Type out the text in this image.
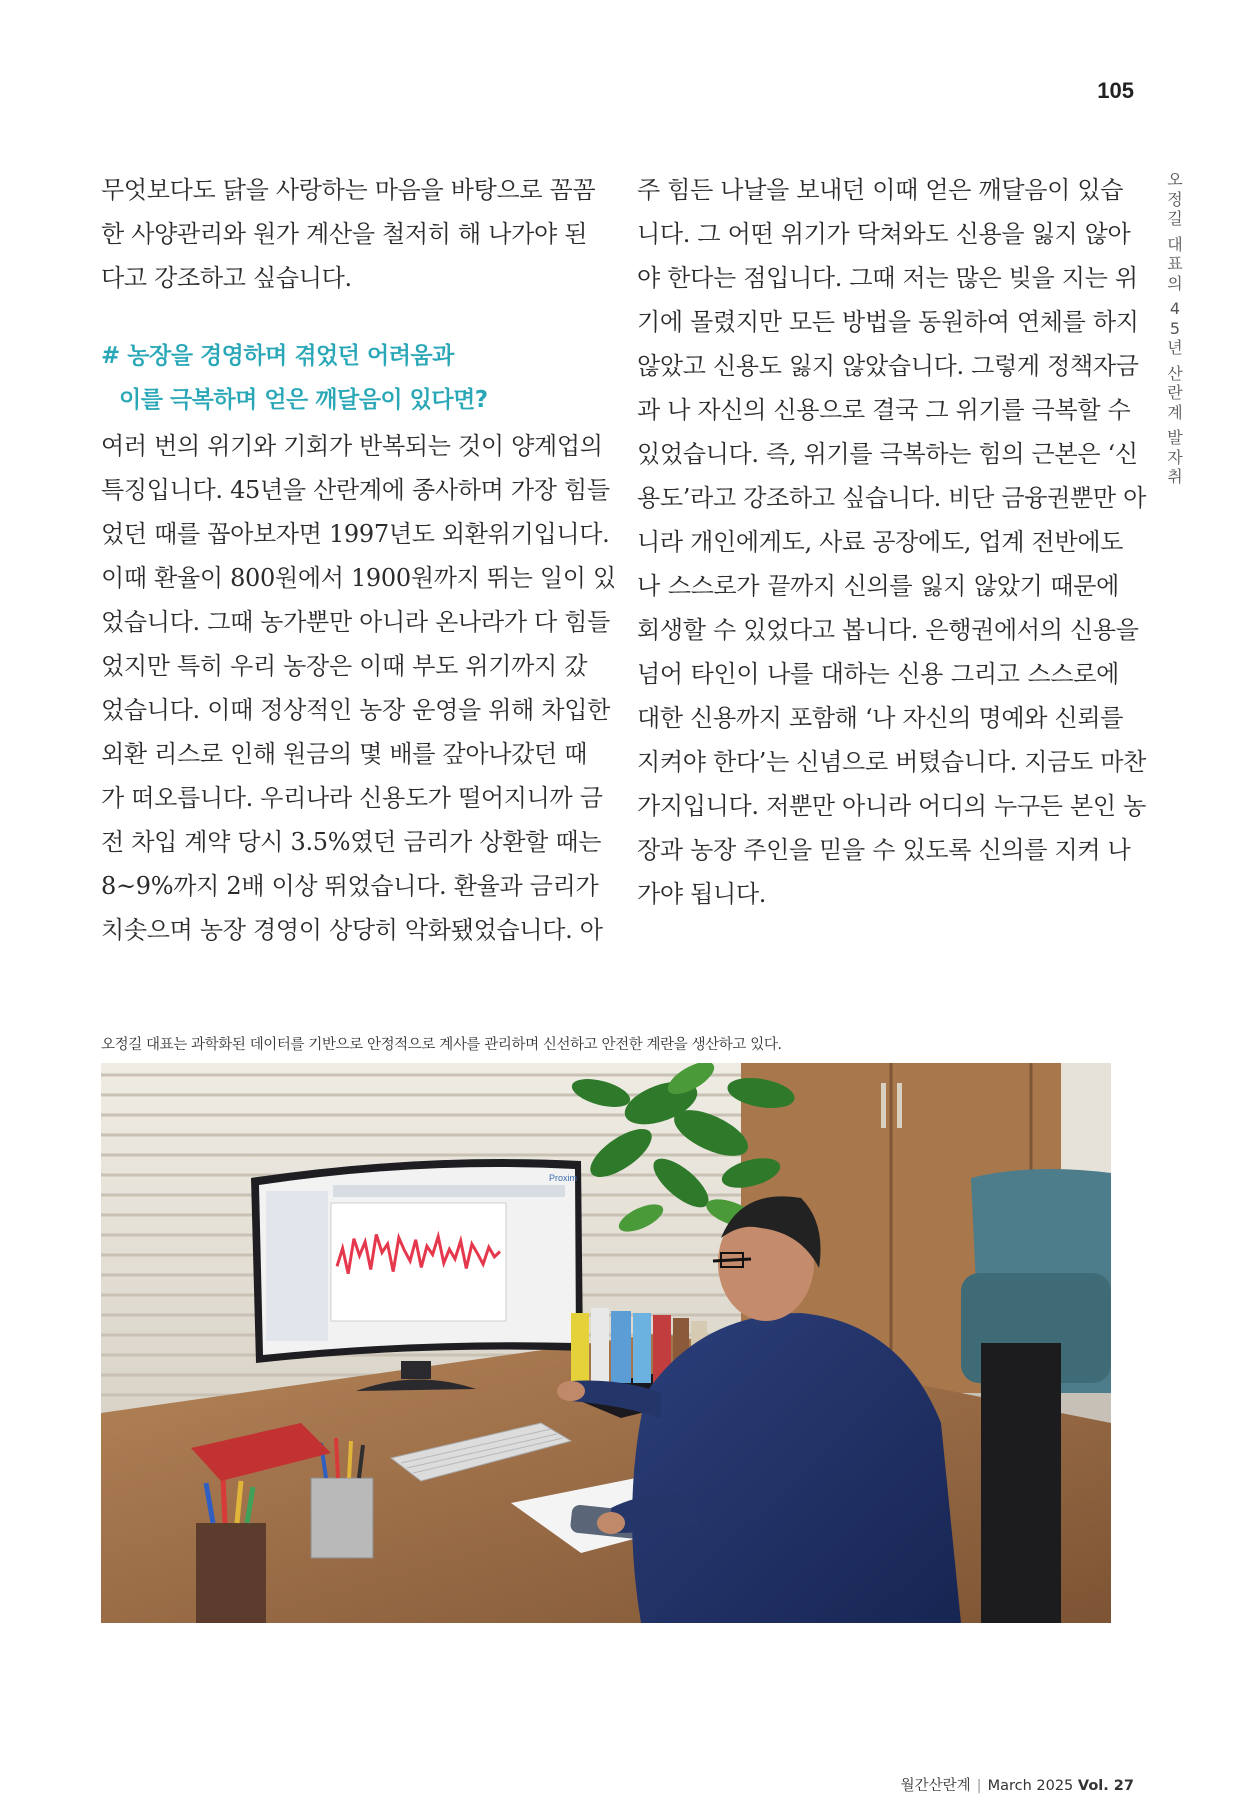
105

무엇보다도 닭을 사랑하는 마음을 바탕으로 꼼꼼

한 사양관리와 원가 계산을 철저히 해 나가야 된

다고 강조하고 싶습니다.

# 농장을 경영하며 겪었던 어려움과
이를 극복하며 얻은 깨달음이 있다면?

여러 번의 위기와 기회가 반복되는 것이 양계업의

특징입니다. 45년을 산란계에 종사하며 가장 힘들

었던 때를 꼽아보자면 1997년도 외환위기입니다.

이때 환율이 800원에서 1900원까지 뛰는 일이 있

었습니다. 그때 농가뿐만 아니라 온나라가 다 힘들

었지만 특히 우리 농장은 이때 부도 위기까지 갔

었습니다. 이때 정상적인 농장 운영을 위해 차입한

외환 리스로 인해 원금의 몇 배를 갚아나갔던 때

가 떠오릅니다. 우리나라 신용도가 떨어지니까 금

전 차입 계약 당시 3.5%였던 금리가 상환할 때는

8~9%까지 2배 이상 뛰었습니다. 환율과 금리가

치솟으며 농장 경영이 상당히 악화됐었습니다. 아

주 힘든 나날을 보내던 이때 얻은 깨달음이 있습

니다. 그 어떤 위기가 닥쳐와도 신용을 잃지 않아

야 한다는 점입니다. 그때 저는 많은 빚을 지는 위

기에 몰렸지만 모든 방법을 동원하여 연체를 하지

않았고 신용도 잃지 않았습니다. 그렇게 정책자금

과 나 자신의 신용으로 결국 그 위기를 극복할 수

있었습니다. 즉, 위기를 극복하는 힘의 근본은 ‘신

용도’라고 강조하고 싶습니다. 비단 금융권뿐만 아

니라 개인에게도, 사료 공장에도, 업계 전반에도

나 스스로가 끝까지 신의를 잃지 않았기 때문에

회생할 수 있었다고 봅니다. 은행권에서의 신용을

넘어 타인이 나를 대하는 신용 그리고 스스로에

대한 신용까지 포함해 ‘나 자신의 명예와 신뢰를

지켜야 한다’는 신념으로 버텼습니다. 지금도 마찬

가지입니다. 저뿐만 아니라 어디의 누구든 본인 농

장과 농장 주인을 믿을 수 있도록 신의를 지켜 나

가야 됩니다.

오
정
길
대
표
의
4
5
년
산
란
계
발
자
취
오정길 대표는 과학화된 데이터를 기반으로 안정적으로 계사를 관리하며 신선하고 안전한 계란을 생산하고 있다.
Proxim
월간산란계 | March 2025 Vol. 27
